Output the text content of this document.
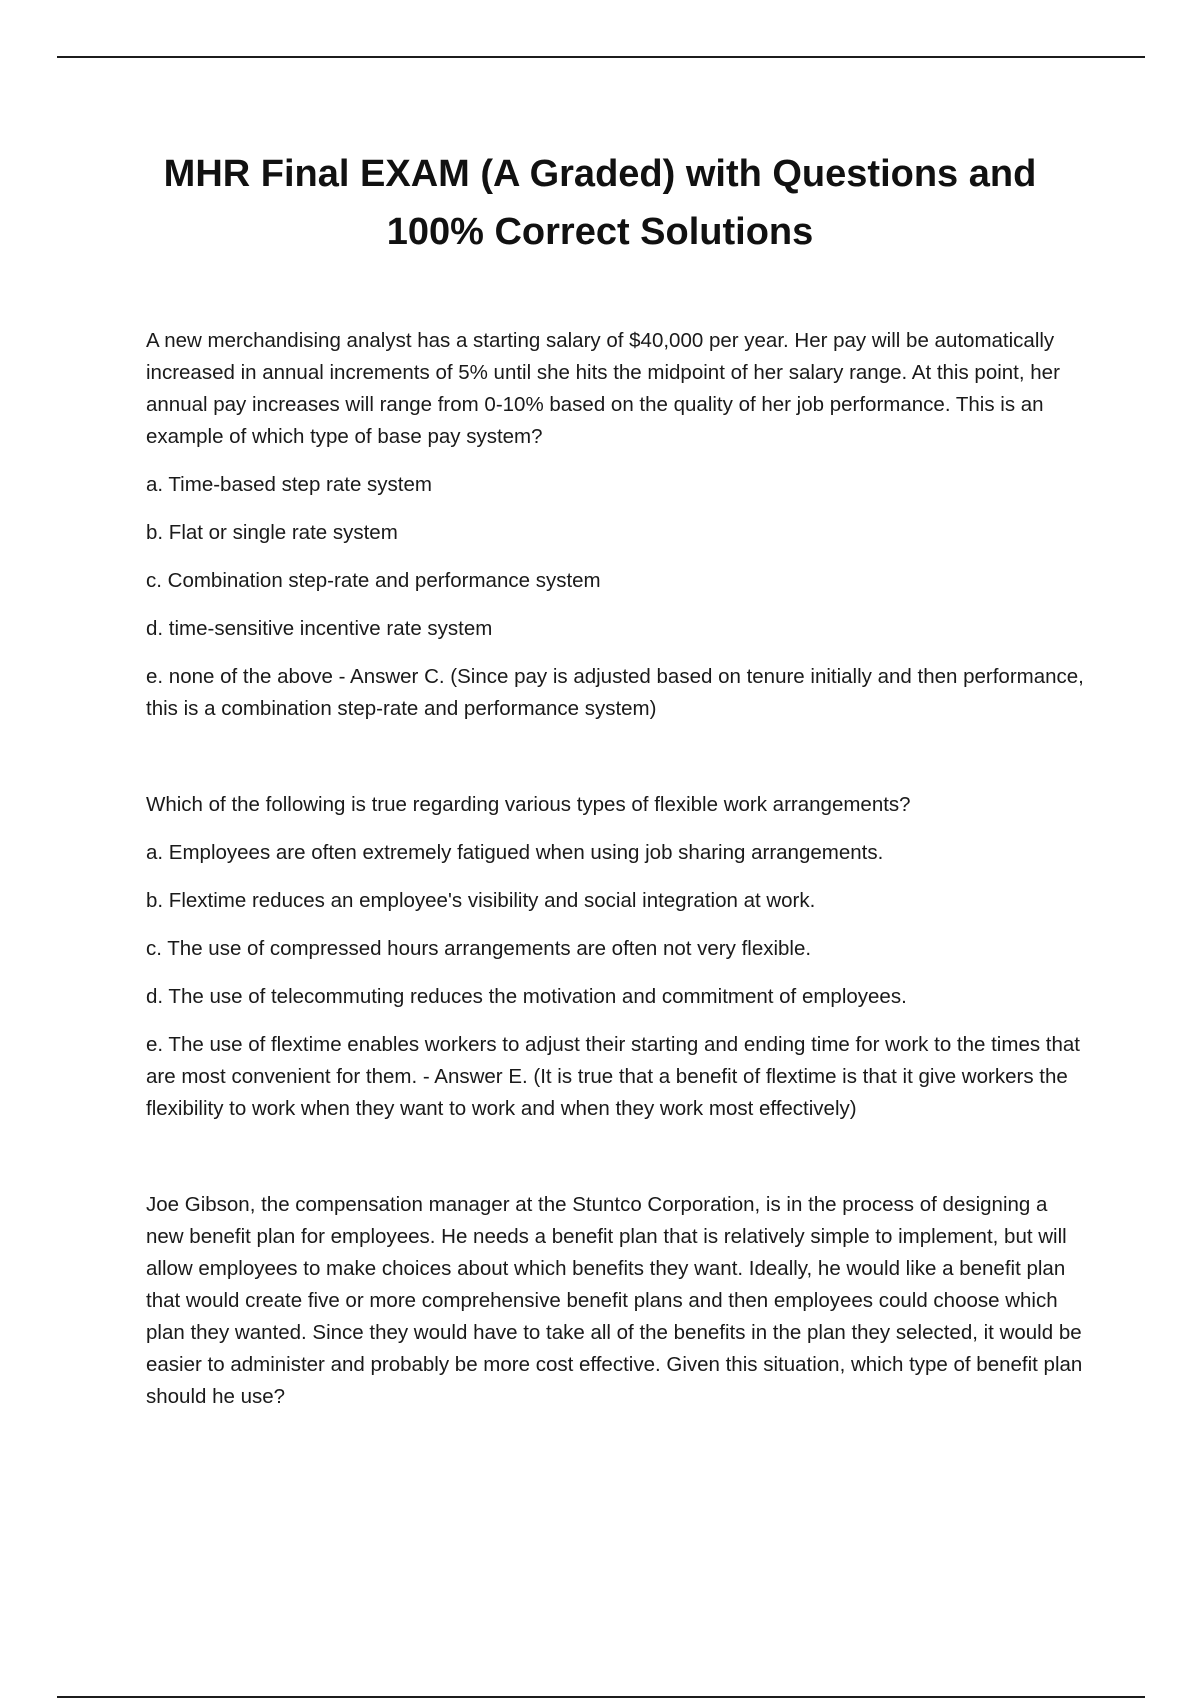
MHR Final EXAM (A Graded) with Questions and
100% Correct Solutions

A new merchandising analyst has a starting salary of $40,000 per year. Her pay will be automatically increased in annual increments of 5% until she hits the midpoint of her salary range. At this point, her annual pay increases will range from 0-10% based on the quality of her job performance. This is an example of which type of base pay system?

a. Time-based step rate system

b. Flat or single rate system

c. Combination step-rate and performance system

d. time-sensitive incentive rate system

e. none of the above - Answer C. (Since pay is adjusted based on tenure initially and then performance, this is a combination step-rate and performance system)

Which of the following is true regarding various types of flexible work arrangements?

a. Employees are often extremely fatigued when using job sharing arrangements.

b. Flextime reduces an employee's visibility and social integration at work.

c. The use of compressed hours arrangements are often not very flexible.

d. The use of telecommuting reduces the motivation and commitment of employees.

e. The use of flextime enables workers to adjust their starting and ending time for work to the times that are most convenient for them. - Answer E. (It is true that a benefit of flextime is that it give workers the flexibility to work when they want to work and when they work most effectively)

Joe Gibson, the compensation manager at the Stuntco Corporation, is in the process of designing a new benefit plan for employees. He needs a benefit plan that is relatively simple to implement, but will allow employees to make choices about which benefits they want. Ideally, he would like a benefit plan that would create five or more comprehensive benefit plans and then employees could choose which plan they wanted. Since they would have to take all of the benefits in the plan they selected, it would be easier to administer and probably be more cost effective. Given this situation, which type of benefit plan should he use?
